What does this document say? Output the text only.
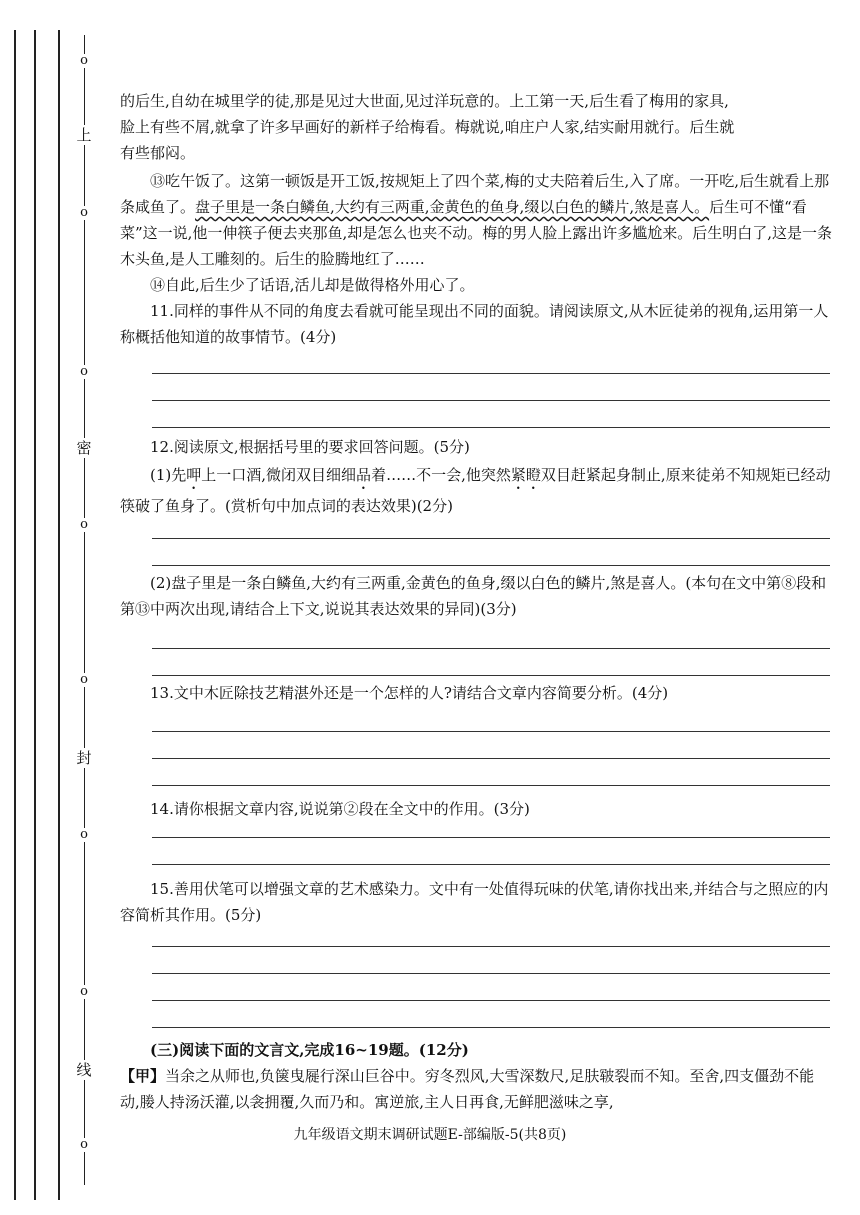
o
上
o
o
密
o
o
封
o
o
线
o
的后生,自幼在城里学的徒,那是见过大世面,见过洋玩意的。上工第一天,后生看了梅用的家具,
脸上有些不屑,就拿了许多早画好的新样子给梅看。梅就说,咱庄户人家,结实耐用就行。后生就
有些郁闷。
⑬吃午饭了。这第一顿饭是开工饭,按规矩上了四个菜,梅的丈夫陪着后生,入了席。一开吃,后生就看上那条咸鱼了。盘子里是一条白鳞鱼,大约有三两重,金黄色的鱼身,缀以白色的鳞片,煞是喜人。后生可不懂“看菜”这一说,他一伸筷子便去夹那鱼,却是怎么也夹不动。梅的男人脸上露出许多尴尬来。后生明白了,这是一条木头鱼,是人工雕刻的。后生的脸腾地红了……
⑭自此,后生少了话语,活儿却是做得格外用心了。
11.同样的事件从不同的角度去看就可能呈现出不同的面貌。请阅读原文,从木匠徒弟的视角,运用第一人称概括他知道的故事情节。(4分)
12.阅读原文,根据括号里的要求回答问题。(5分)
(1)先呷上一口酒,微闭双目细细品着……不一会,他突然紧瞪双目赶紧起身制止,原来徒弟不知规矩已经动筷破了鱼身了。(赏析句中加点词的表达效果)(2分)
(2)盘子里是一条白鳞鱼,大约有三两重,金黄色的鱼身,缀以白色的鳞片,煞是喜人。(本句在文中第⑧段和第⑬中两次出现,请结合上下文,说说其表达效果的异同)(3分)
13.文中木匠除技艺精湛外还是一个怎样的人?请结合文章内容简要分析。(4分)
14.请你根据文章内容,说说第②段在全文中的作用。(3分)
15.善用伏笔可以增强文章的艺术感染力。文中有一处值得玩味的伏笔,请你找出来,并结合与之照应的内容简析其作用。(5分)
(三)阅读下面的文言文,完成16~19题。(12分)
【甲】当余之从师也,负箧曳屣行深山巨谷中。穷冬烈风,大雪深数尺,足肤皲裂而不知。至舍,四支僵劲不能动,媵人持汤沃灌,以衾拥覆,久而乃和。寓逆旅,主人日再食,无鲜肥滋味之享,
九年级语文期末调研试题E-部编版-5(共8页)
